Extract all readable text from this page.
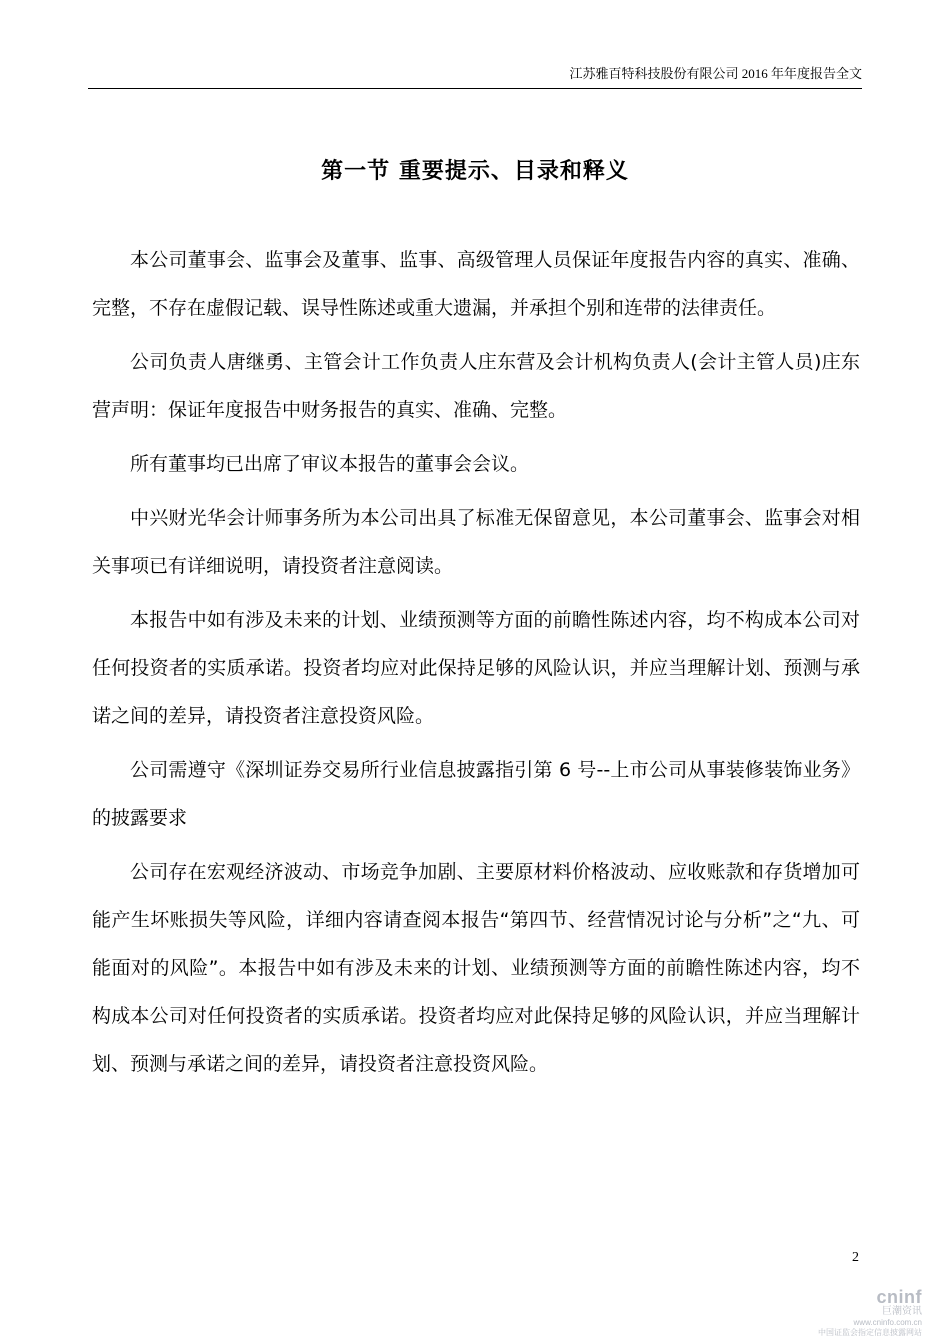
江苏雅百特科技股份有限公司 2016 年年度报告全文
第一节 重要提示、目录和释义

本公司董事会、监事会及董事、监事、高级管理人员保证年度报告内容的真实、准确、完整，不存在虚假记载、误导性陈述或重大遗漏，并承担个别和连带的法律责任。

公司负责人唐继勇、主管会计工作负责人庄东营及会计机构负责人(会计主管人员)庄东营声明：保证年度报告中财务报告的真实、准确、完整。

所有董事均已出席了审议本报告的董事会会议。

中兴财光华会计师事务所为本公司出具了标准无保留意见，本公司董事会、监事会对相关事项已有详细说明，请投资者注意阅读。

本报告中如有涉及未来的计划、业绩预测等方面的前瞻性陈述内容，均不构成本公司对任何投资者的实质承诺。投资者均应对此保持足够的风险认识，并应当理解计划、预测与承诺之间的差异，请投资者注意投资风险。

公司需遵守《深圳证券交易所行业信息披露指引第 6 号--上市公司从事装修装饰业务》的披露要求

公司存在宏观经济波动、市场竞争加剧、主要原材料价格波动、应收账款和存货增加可能产生坏账损失等风险，详细内容请查阅本报告“第四节、经营情况讨论与分析”之“九、可能面对的风险”。本报告中如有涉及未来的计划、业绩预测等方面的前瞻性陈述内容，均不构成本公司对任何投资者的实质承诺。投资者均应对此保持足够的风险认识，并应当理解计划、预测与承诺之间的差异，请投资者注意投资风险。

2
cninf
巨潮资讯
www.cninfo.com.cn
中国证监会指定信息披露网站
